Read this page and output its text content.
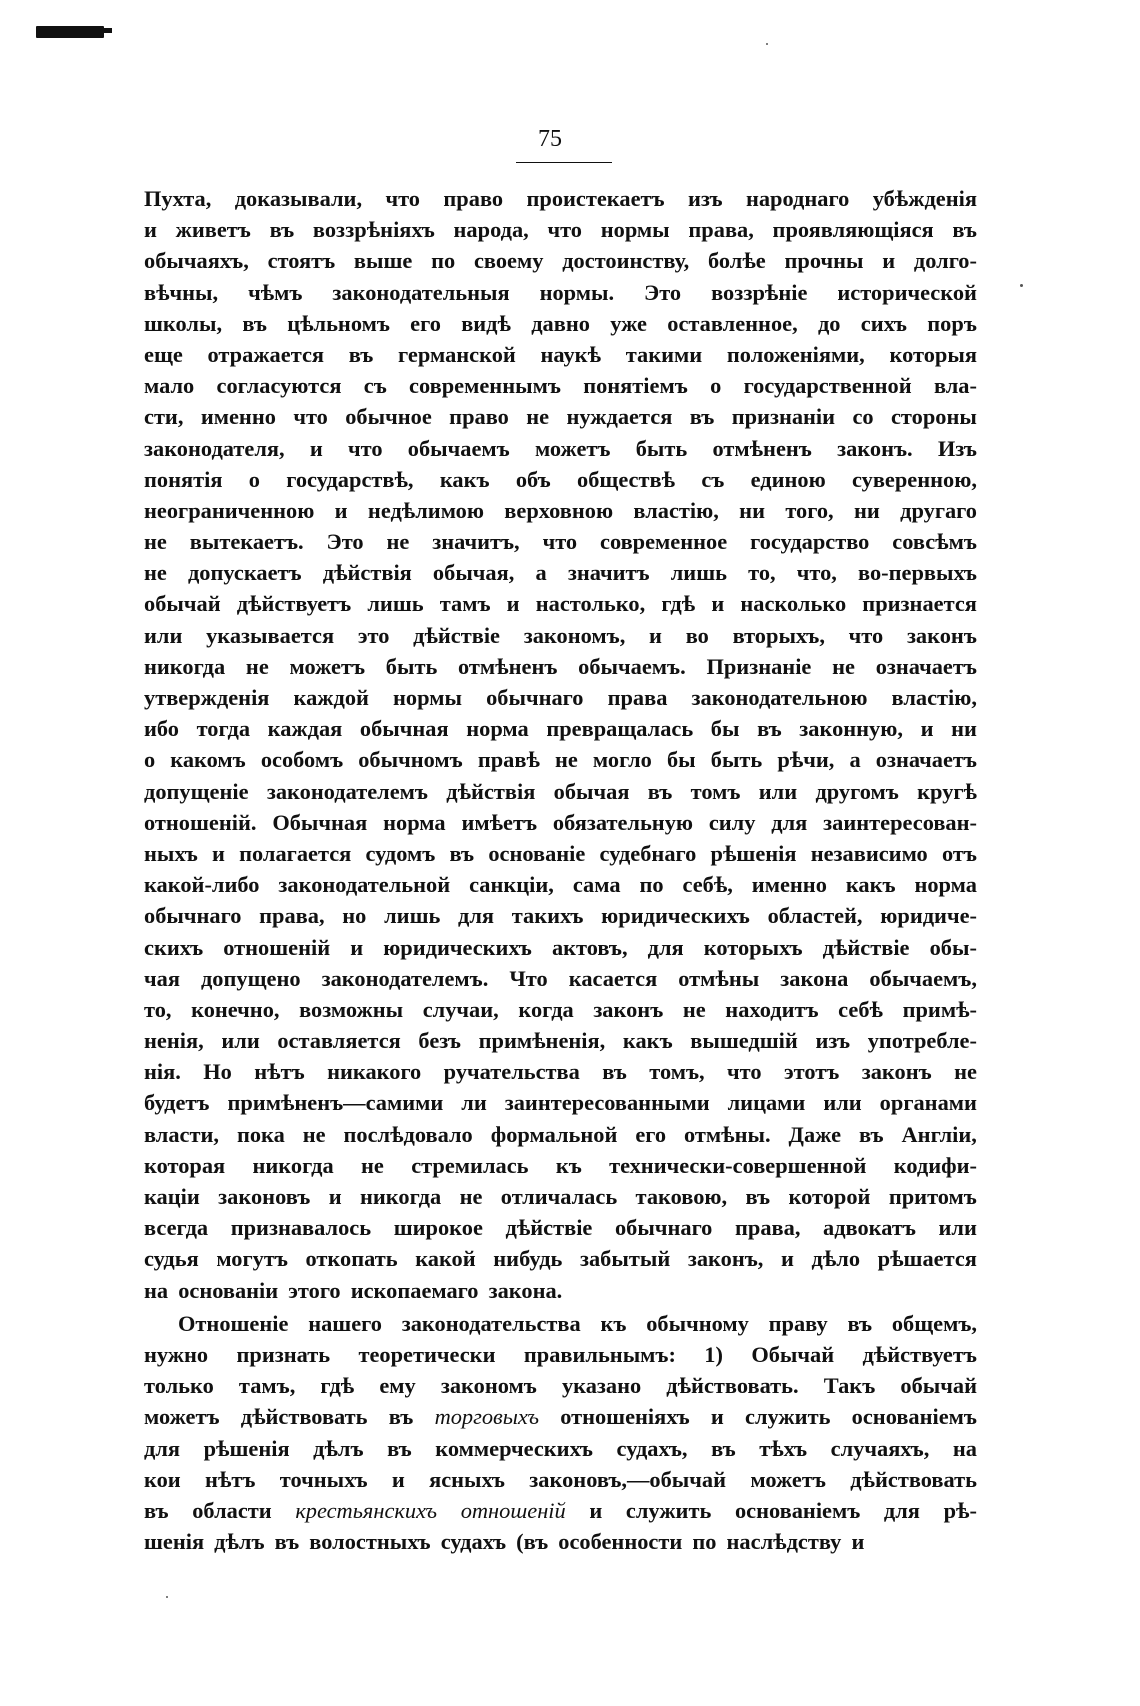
75
Пухта, доказывали, что право проистекаетъ изъ народнаго убѣжденія
и живетъ въ воззрѣніяхъ народа, что нормы права, проявляющіяся въ
обычаяхъ, стоятъ выше по своему достоинству, болѣе прочны и долго-
вѣчны, чѣмъ законодательныя нормы. Это воззрѣніе исторической
школы, въ цѣльномъ его видѣ давно уже оставленное, до сихъ поръ
еще отражается въ германской наукѣ такими положеніями, которыя
мало согласуются съ современнымъ понятіемъ о государственной вла-
сти, именно что обычное право не нуждается въ признаніи со стороны
законодателя, и что обычаемъ можетъ быть отмѣненъ законъ. Изъ
понятія о государствѣ, какъ объ обществѣ съ единою суверенною,
неограниченною и недѣлимою верховною властію, ни того, ни другаго
не вытекаетъ. Это не значитъ, что современное государство совсѣмъ
не допускаетъ дѣйствія обычая, а значитъ лишь то, что, во-первыхъ
обычай дѣйствуетъ лишь тамъ и настолько, гдѣ и насколько признается
или указывается это дѣйствіе закономъ, и во вторыхъ, что законъ
никогда не можетъ быть отмѣненъ обычаемъ. Признаніе не означаетъ
утвержденія каждой нормы обычнаго права законодательною властію,
ибо тогда каждая обычная норма превращалась бы въ законную, и ни
о какомъ особомъ обычномъ правѣ не могло бы быть рѣчи, а означаетъ
допущеніе законодателемъ дѣйствія обычая въ томъ или другомъ кругѣ
отношеній. Обычная норма имѣетъ обязательную силу для заинтересован-
ныхъ и полагается судомъ въ основаніе судебнаго рѣшенія независимо отъ
какой-либо законодательной санкціи, сама по себѣ, именно какъ норма
обычнаго права, но лишь для такихъ юридическихъ областей, юридиче-
скихъ отношеній и юридическихъ актовъ, для которыхъ дѣйствіе обы-
чая допущено законодателемъ. Что касается отмѣны закона обычаемъ,
то, конечно, возможны случаи, когда законъ не находитъ себѣ примѣ-
ненія, или оставляется безъ примѣненія, какъ вышедшій изъ употребле-
нія. Но нѣтъ никакого ручательства въ томъ, что этотъ законъ не
будетъ примѣненъ—самими ли заинтересованными лицами или органами
власти, пока не послѣдовало формальной его отмѣны. Даже въ Англіи,
которая никогда не стремилась къ технически-совершенной кодифи-
каціи законовъ и никогда не отличалась таковою, въ которой притомъ
всегда признавалось широкое дѣйствіе обычнаго права, адвокатъ или
судья могутъ откопать какой нибудь забытый законъ, и дѣло рѣшается
на основаніи этого ископаемаго закона.
Отношеніе нашего законодательства къ обычному праву въ общемъ,
нужно признать теоретически правильнымъ: 1) Обычай дѣйствуетъ
только тамъ, гдѣ ему закономъ указано дѣйствовать. Такъ обычай
можетъ дѣйствовать въ торговыхъ отношеніяхъ и служить основаніемъ
для рѣшенія дѣлъ въ коммерческихъ судахъ, въ тѣхъ случаяхъ, на
кои нѣтъ точныхъ и ясныхъ законовъ,—обычай можетъ дѣйствовать
въ области крестьянскихъ отношеній и служить основаніемъ для рѣ-
шенія дѣлъ въ волостныхъ судахъ (въ особенности по наслѣдству и
